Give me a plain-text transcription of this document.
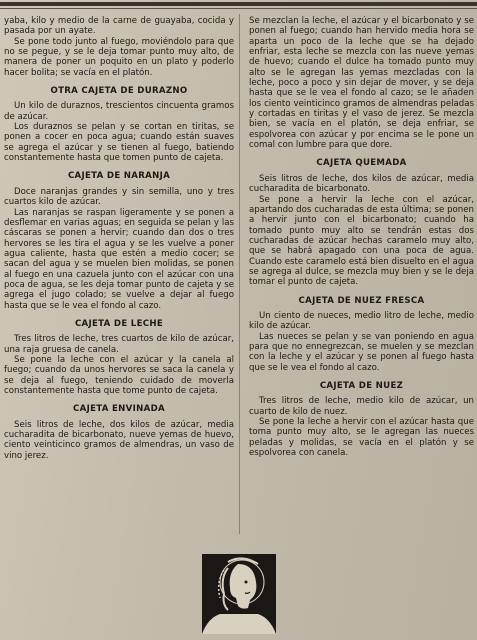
yaba, kilo y medio de la carne de guayaba, cocida y pasada por un ayate.

Se pone todo junto al fuego, moviéndolo para que no se pegue, y se le deja tomar punto muy alto, de manera de poner un poquito en un plato y poderlo hacer bolita; se vacía en el platón.

OTRA CAJETA DE DURAZNO

Un kilo de duraznos, trescientos cincuenta gramos de azúcar.

Los duraznos se pelan y se cortan en tiritas, se ponen a cocer en poca agua; cuando están suaves se agrega el azúcar y se tienen al fuego, batiendo constantemente hasta que tomen punto de cajeta.

CAJETA DE NARANJA

Doce naranjas grandes y sin semilla, uno y tres cuartos kilo de azúcar.

Las naranjas se raspan ligeramente y se ponen a desflemar en varias aguas; en seguida se pelan y las cáscaras se ponen a hervir; cuando dan dos o tres hervores se les tira el agua y se les vuelve a poner agua caliente, hasta que estén a medio cocer; se sacan del agua y se muelen bien molidas, se ponen al fuego en una cazuela junto con el azúcar con una poca de agua, se les deja tomar punto de cajeta y se agrega el jugo colado; se vuelve a dejar al fuego hasta que se le vea el fondo al cazo.

CAJETA DE LECHE

Tres litros de leche, tres cuartos de kilo de azúcar, una raja gruesa de canela.

Se pone la leche con el azúcar y la canela al fuego; cuando da unos hervores se saca la canela y se deja al fuego, teniendo cuidado de moverla constantemente hasta que tome punto de cajeta.

CAJETA ENVINADA

Seis litros de leche, dos kilos de azúcar, media cucharadita de bicarbonato, nueve yemas de huevo, ciento veinticinco gramos de almendras, un vaso de vino jerez.

Se mezclan la leche, el azúcar y el bicarbonato y se ponen al fuego; cuando han hervido media hora se aparta un poco de la leche que se ha dejado enfriar, esta leche se mezcla con las nueve yemas de huevo; cuando el dulce ha tomado punto muy alto se le agregan las yemas mezcladas con la leche, poco a poco y sin dejar de mover, y se deja hasta que se le vea el fondo al cazo; se le añaden los ciento veinticinco gramos de almendras peladas y cortadas en tiritas y el vaso de jerez. Se mezcla bien, se vacía en el platón, se deja enfriar, se espolvorea con azúcar y por encima se le pone un comal con lumbre para que dore.

CAJETA QUEMADA

Seis litros de leche, dos kilos de azúcar, media cucharadita de bicarbonato.

Se pone a hervir la leche con el azúcar, apartando dos cucharadas de esta última; se ponen a hervir junto con el bicarbonato; cuando ha tomado punto muy alto se tendrán estas dos cucharadas de azúcar hechas caramelo muy alto, que se habrá apagado con una poca de agua. Cuando este caramelo está bien disuelto en el agua se agrega al dulce, se mezcla muy bien y se le deja tomar el punto de cajeta.

CAJETA DE NUEZ FRESCA

Un ciento de nueces, medio litro de leche, medio kilo de azúcar.

Las nueces se pelan y se van poniendo en agua para que no ennegrezcan, se muelen y se mezclan con la leche y el azúcar y se ponen al fuego hasta que se le vea el fondo al cazo.

CAJETA DE NUEZ

Tres litros de leche, medio kilo de azúcar, un cuarto de kilo de nuez.

Se pone la leche a hervir con el azúcar hasta que toma punto muy alto, se le agregan las nueces peladas y molidas, se vacía en el platón y se espolvorea con canela.
